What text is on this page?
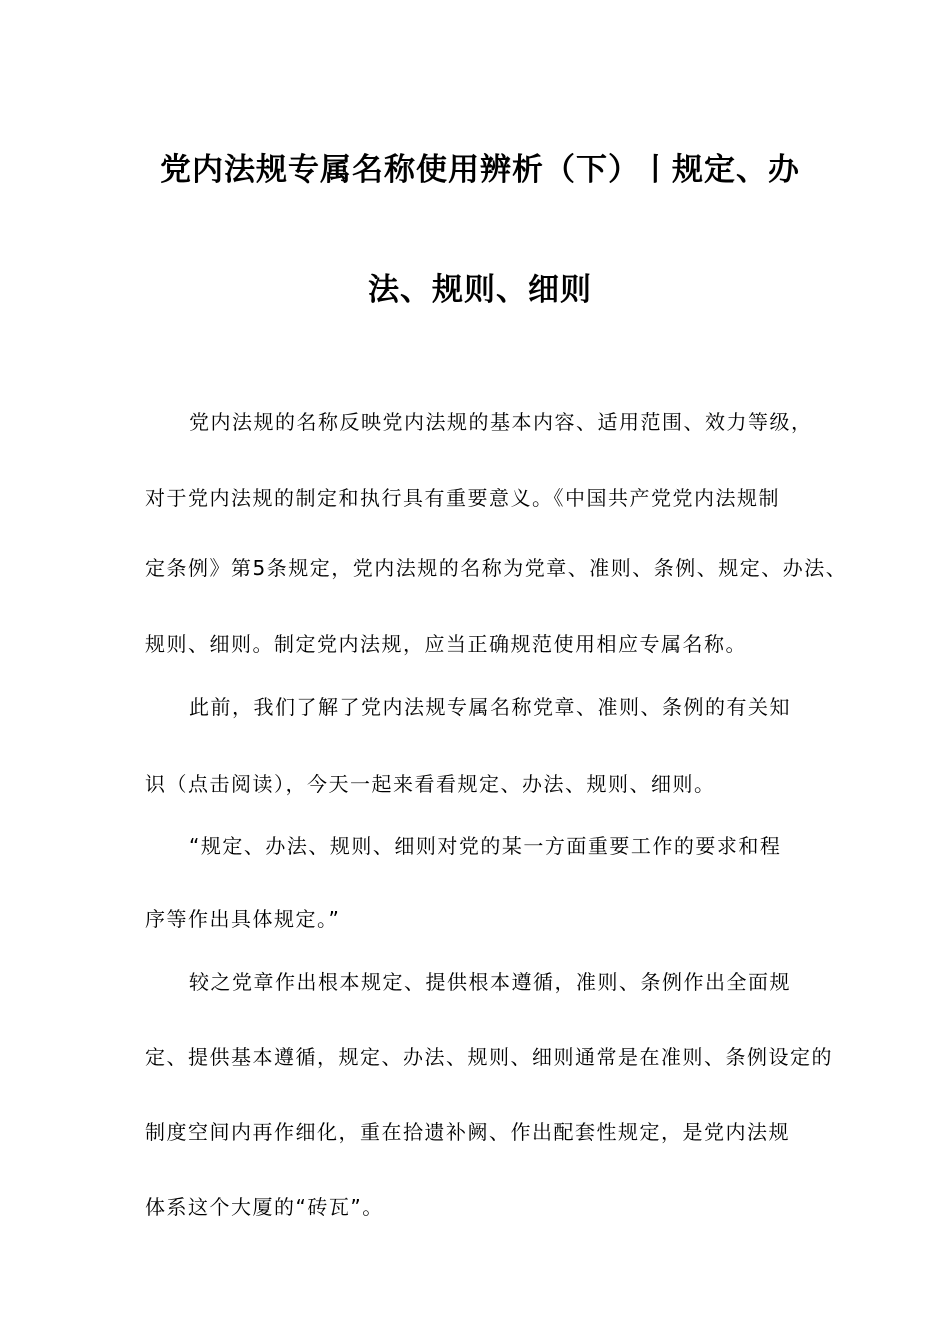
党内法规专属名称使用辨析（下）丨规定、办
法、规则、细则
党内法规的名称反映党内法规的基本内容、适用范围、效力等级，
对于党内法规的制定和执行具有重要意义。《中国共产党党内法规制
定条例》第5条规定，党内法规的名称为党章、准则、条例、规定、办法、
规则、细则。制定党内法规，应当正确规范使用相应专属名称。
此前，我们了解了党内法规专属名称党章、准则、条例的有关知
识（点击阅读），今天一起来看看规定、办法、规则、细则。
“规定、办法、规则、细则对党的某一方面重要工作的要求和程
序等作出具体规定。”
较之党章作出根本规定、提供根本遵循，准则、条例作出全面规
定、提供基本遵循，规定、办法、规则、细则通常是在准则、条例设定的
制度空间内再作细化，重在拾遗补阙、作出配套性规定，是党内法规
体系这个大厦的“砖瓦”。
